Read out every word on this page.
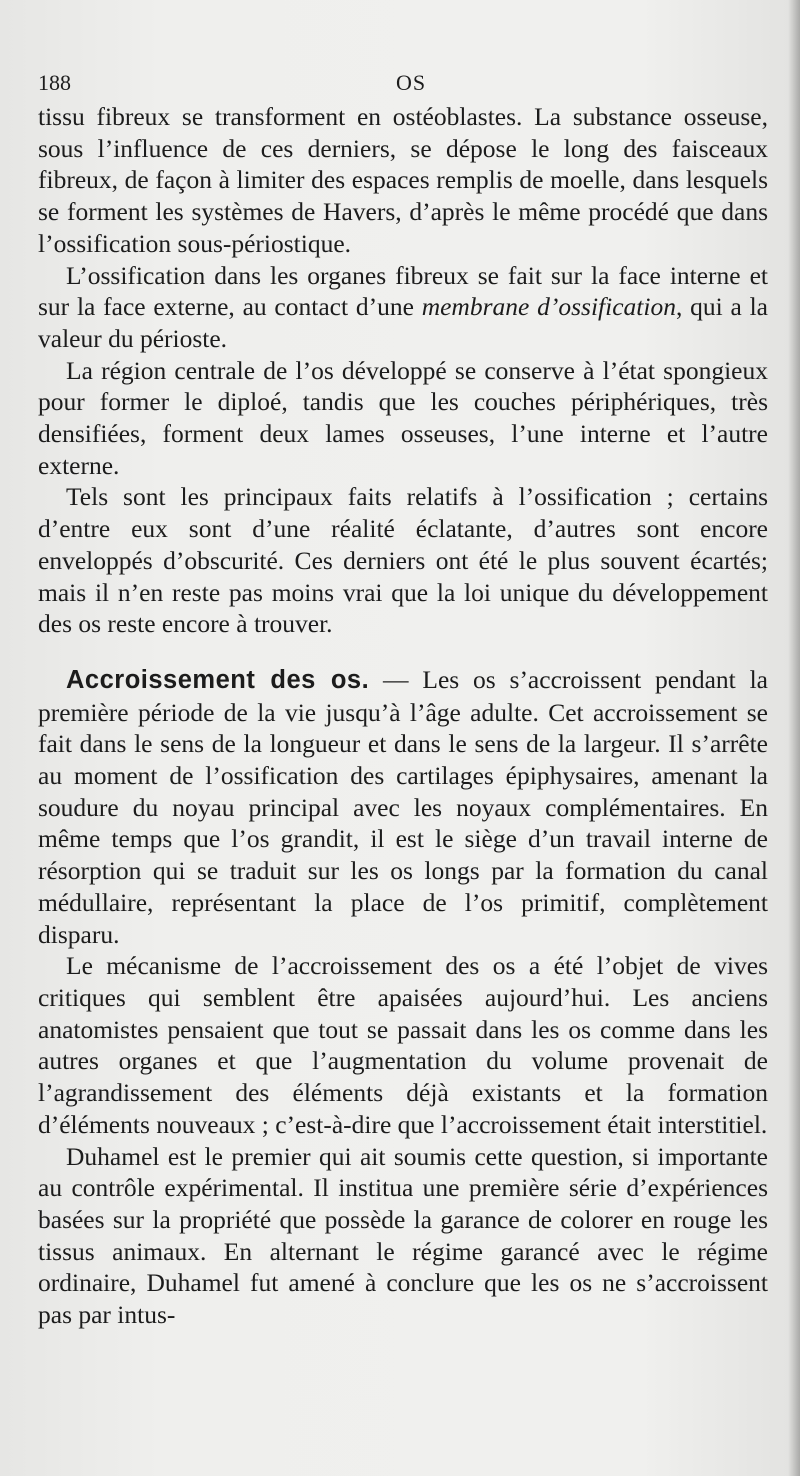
188	OS

tissu fibreux se transforment en ostéoblastes. La substance osseuse, sous l’influence de ces derniers, se dépose le long des faisceaux fibreux, de façon à limiter des espaces remplis de moelle, dans lesquels se forment les systèmes de Havers, d’après le même procédé que dans l’ossification sous-périostique.

L’ossification dans les organes fibreux se fait sur la face interne et sur la face externe, au contact d’une membrane d’ossification, qui a la valeur du périoste.

La région centrale de l’os développé se conserve à l’état spongieux pour former le diploé, tandis que les couches périphériques, très densifiées, forment deux lames osseuses, l’une interne et l’autre externe.

Tels sont les principaux faits relatifs à l’ossification ; certains d’entre eux sont d’une réalité éclatante, d’autres sont encore enveloppés d’obscurité. Ces derniers ont été le plus souvent écartés; mais il n’en reste pas moins vrai que la loi unique du développement des os reste encore à trouver.

Accroissement des os. — Les os s’accroissent pendant la première période de la vie jusqu’à l’âge adulte. Cet accroissement se fait dans le sens de la longueur et dans le sens de la largeur. Il s’arrête au moment de l’ossification des cartilages épiphysaires, amenant la soudure du noyau principal avec les noyaux complémentaires. En même temps que l’os grandit, il est le siège d’un travail interne de résorption qui se traduit sur les os longs par la formation du canal médullaire, représentant la place de l’os primitif, complètement disparu.

Le mécanisme de l’accroissement des os a été l’objet de vives critiques qui semblent être apaisées aujourd’hui. Les anciens anatomistes pensaient que tout se passait dans les os comme dans les autres organes et que l’augmentation du volume provenait de l’agrandissement des éléments déjà existants et la formation d’éléments nouveaux ; c’est-à-dire que l’accroissement était interstitiel.

Duhamel est le premier qui ait soumis cette question, si importante au contrôle expérimental. Il institua une première série d’expériences basées sur la propriété que possède la garance de colorer en rouge les tissus animaux. En alternant le régime garancé avec le régime ordinaire, Duhamel fut amené à conclure que les os ne s’accroissent pas par intus-
